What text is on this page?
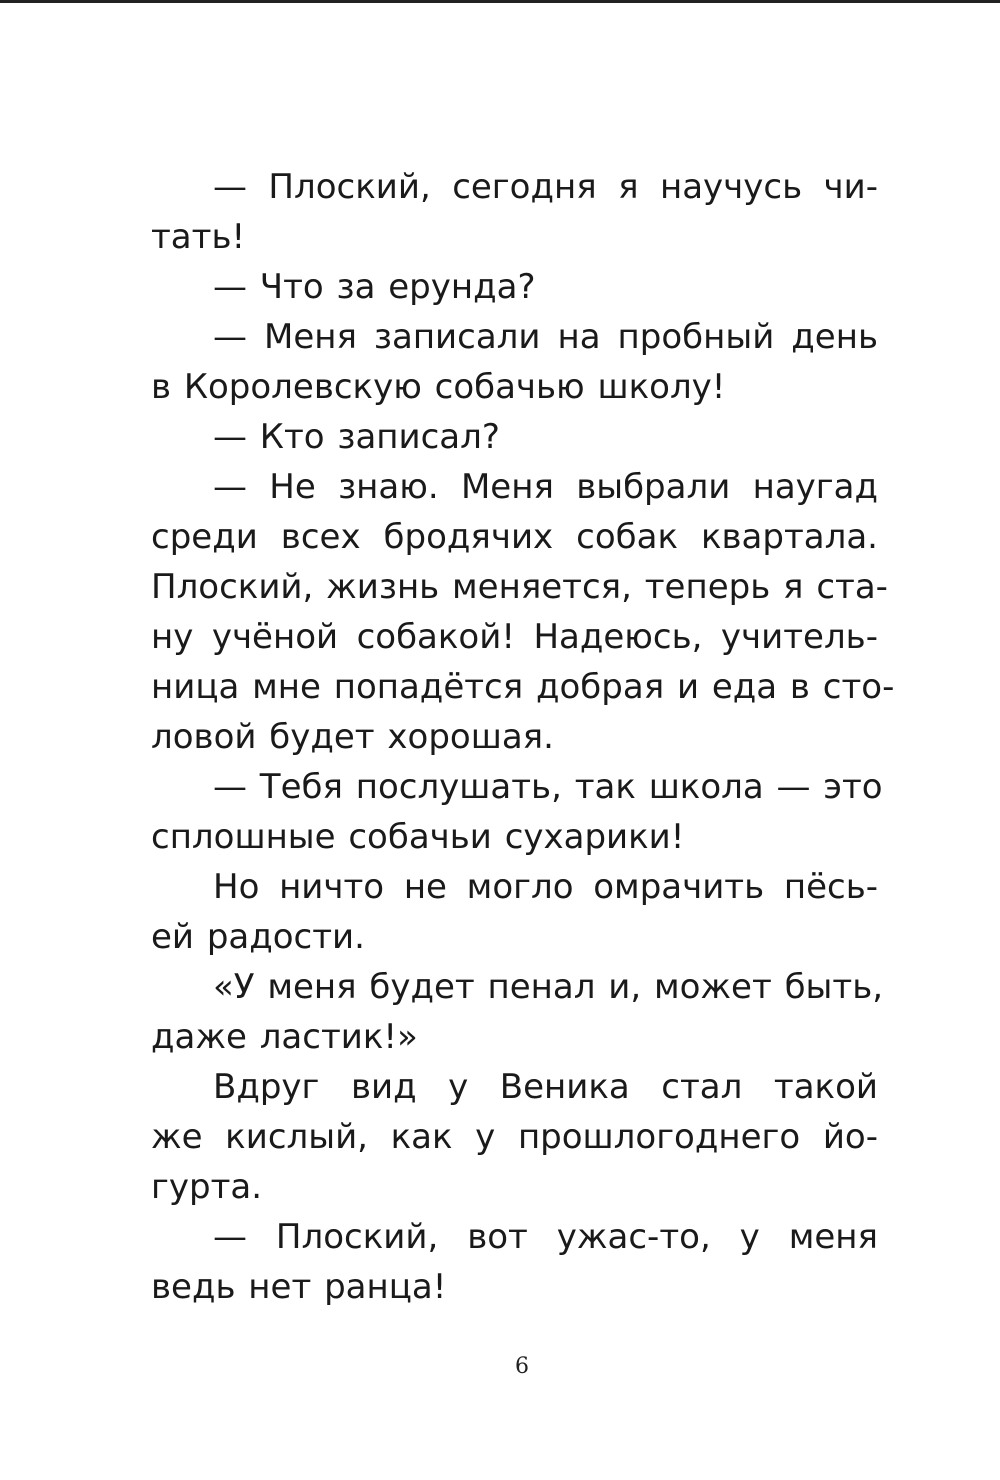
— Плоский, сегодня я научусь чи-
тать!
— Что за ерунда?
— Меня записали на пробный день
в Королевскую собачью школу!
— Кто записал?
— Не знаю. Меня выбрали наугад
среди всех бродячих собак квартала.
Плоский, жизнь меняется, теперь я ста-
ну учёной собакой! Надеюсь, учитель-
ница мне попадётся добрая и еда в сто-
ловой будет хорошая.
— Тебя послушать, так школа — это
сплошные собачьи сухарики!
Но ничто не могло омрачить пёсь-
ей радости.
«У меня будет пенал и, может быть,
даже ластик!»
Вдруг вид у Веника стал такой
же кислый, как у прошлогоднего йо-
гурта.
— Плоский, вот ужас-то, у меня
ведь нет ранца!
6
